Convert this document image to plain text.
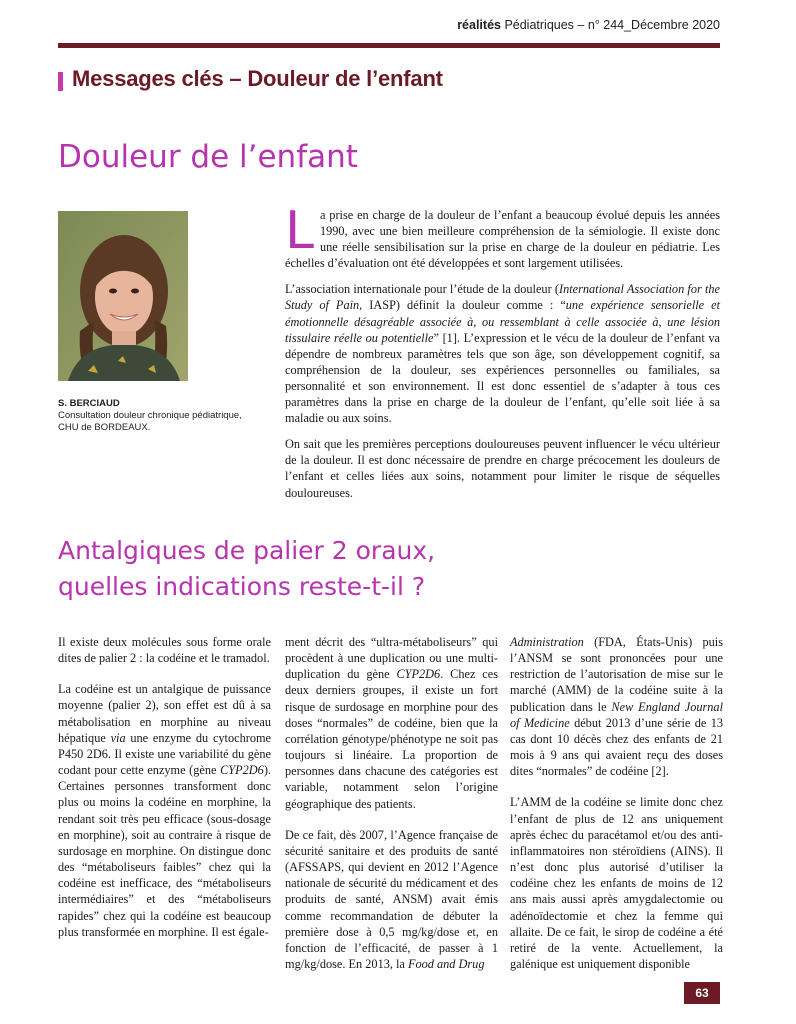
réalités Pédiatriques – n° 244_Décembre 2020
Messages clés – Douleur de l’enfant
Douleur de l’enfant
S. BERCIAUD
Consultation douleur chronique pédiatrique,
CHU de BORDEAUX.

La prise en charge de la douleur de l’enfant a beaucoup évolué depuis les années 1990, avec une bien meilleure compréhension de la sémiologie. Il existe donc une réelle sensibilisation sur la prise en charge de la douleur en pédiatrie. Les échelles d’évaluation ont été développées et sont largement utilisées.

L’association internationale pour l’étude de la douleur (International Association for the Study of Pain, IASP) définit la douleur comme : “une expérience sensorielle et émotionnelle désagréable associée à, ou ressemblant à celle associée à, une lésion tissulaire réelle ou potentielle” [1]. L’expression et le vécu de la douleur de l’enfant va dépendre de nombreux paramètres tels que son âge, son développement cognitif, sa compréhension de la douleur, ses expériences personnelles ou familiales, sa personnalité et son environnement. Il est donc essentiel de s’adapter à tous ces paramètres dans la prise en charge de la douleur de l’enfant, qu’elle soit liée à sa maladie ou aux soins.

On sait que les premières perceptions douloureuses peuvent influencer le vécu ultérieur de la douleur. Il est donc nécessaire de prendre en charge précocement les douleurs de l’enfant et celles liées aux soins, notamment pour limiter le risque de séquelles douloureuses.

Antalgiques de palier 2 oraux,
quelles indications reste-t-il ?

Il existe deux molécules sous forme orale dites de palier 2 : la codéine et le tramadol.

La codéine est un antalgique de puissance moyenne (palier 2), son effet est dû à sa métabolisation en morphine au niveau hépatique via une enzyme du cytochrome P450 2D6. Il existe une variabilité du gène codant pour cette enzyme (gène CYP2D6). Certaines personnes transforment donc plus ou moins la codéine en morphine, la rendant soit très peu efficace (sous-dosage en morphine), soit au contraire à risque de surdosage en morphine. On distingue donc des “métaboliseurs faibles” chez qui la codéine est inefficace, des “métaboliseurs intermédiaires” et des “métaboliseurs rapides” chez qui la codéine est beaucoup plus transformée en morphine. Il est égale-

ment décrit des “ultra-métaboliseurs” qui procèdent à une duplication ou une multi-duplication du gène CYP2D6. Chez ces deux derniers groupes, il existe un fort risque de surdosage en morphine pour des doses “normales” de codéine, bien que la corrélation génotype/phénotype ne soit pas toujours si linéaire. La proportion de personnes dans chacune des catégories est variable, notamment selon l’origine géographique des patients.

De ce fait, dès 2007, l’Agence française de sécurité sanitaire et des produits de santé (AFSSAPS, qui devient en 2012 l’Agence nationale de sécurité du médicament et des produits de santé, ANSM) avait émis comme recommandation de débuter la première dose à 0,5 mg/kg/dose et, en fonction de l’efficacité, de passer à 1 mg/kg/dose. En 2013, la Food and Drug

Administration (FDA, États-Unis) puis l’ANSM se sont prononcées pour une restriction de l’autorisation de mise sur le marché (AMM) de la codéine suite à la publication dans le New England Journal of Medicine début 2013 d’une série de 13 cas dont 10 décès chez des enfants de 21 mois à 9 ans qui avaient reçu des doses dites “normales” de codéine [2].

L’AMM de la codéine se limite donc chez l’enfant de plus de 12 ans uniquement après échec du paracétamol et/ou des anti-inflammatoires non stéroïdiens (AINS). Il n’est donc plus autorisé d’utiliser la codéine chez les enfants de moins de 12 ans mais aussi après amygdalectomie ou adénoïdectomie et chez la femme qui allaite. De ce fait, le sirop de codéine a été retiré de la vente. Actuellement, la galénique est uniquement disponible

63
